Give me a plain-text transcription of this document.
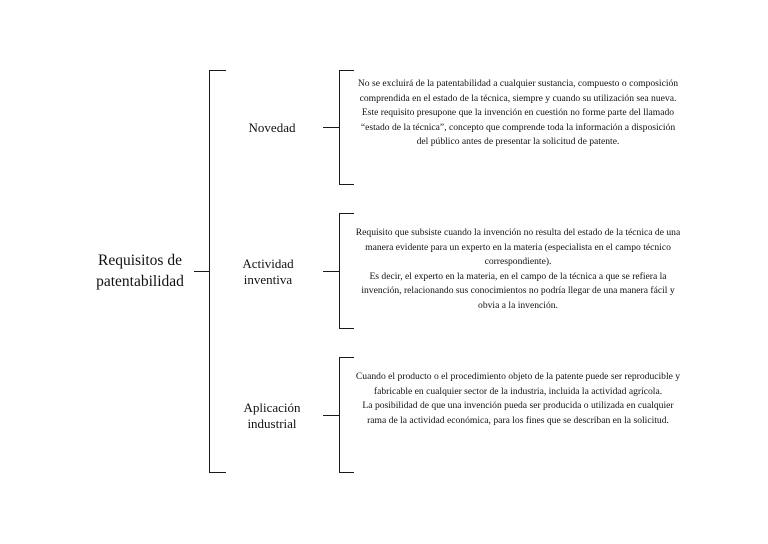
Requisitos de
patentabilidad
Novedad

No se excluirá de la patentabilidad a cualquier sustancia, compuesto o composición comprendida en el estado de la técnica, siempre y cuando su utilización sea nueva.

Este requisito presupone que la invención en cuestión no forme parte del llamado “estado de la técnica”, concepto que comprende toda la información a disposición del público antes de presentar la solicitud de patente.

Actividad
inventiva

Requisito que subsiste cuando la invención no resulta del estado de la técnica de una manera evidente para un experto en la materia (especialista en el campo técnico correspondiente).

Es decir, el experto en la materia, en el campo de la técnica a que se refiera la invención, relacionando sus conocimientos no podría llegar de una manera fácil y obvia a la invención.

Aplicación
industrial

Cuando el producto o el procedimiento objeto de la patente puede ser reproducible y fabricable en cualquier sector de la industria, incluida la actividad agrícola.

La posibilidad de que una invención pueda ser producida o utilizada en cualquier rama de la actividad económica, para los fines que se describan en la solicitud.
